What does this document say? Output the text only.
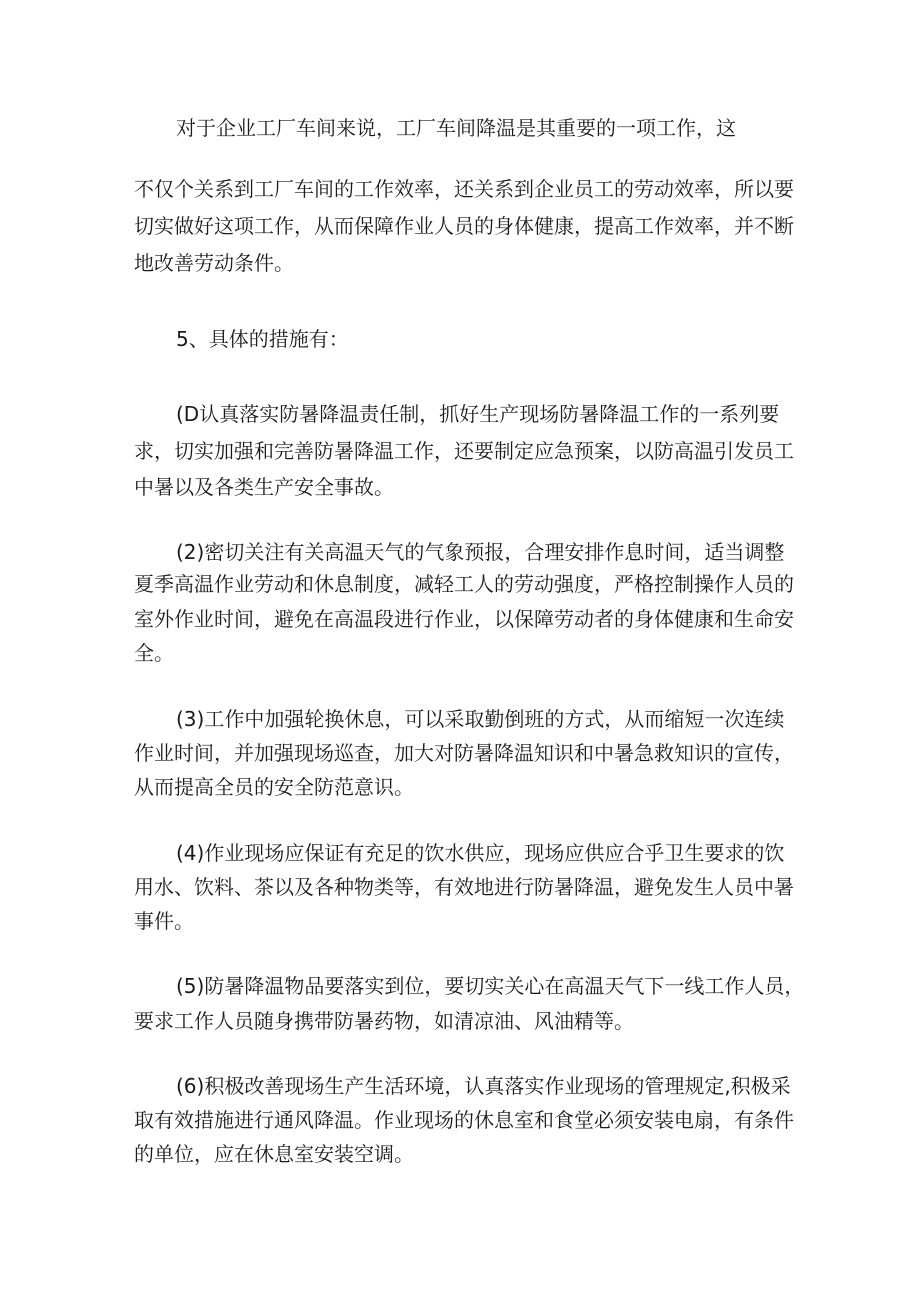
对于企业工厂车间来说，工厂车间降温是其重要的一项工作，这
不仅个关系到工厂车间的工作效率，还关系到企业员工的劳动效率，所以要
切实做好这项工作，从而保障作业人员的身体健康，提高工作效率，并不断
地改善劳动条件。
5、具体的措施有：
(D认真落实防暑降温责任制，抓好生产现场防暑降温工作的一系列要
求，切实加强和完善防暑降温工作，还要制定应急预案，以防高温引发员工
中暑以及各类生产安全事故。
(2)密切关注有关高温天气的气象预报，合理安排作息时间，适当调整
夏季高温作业劳动和休息制度，减轻工人的劳动强度，严格控制操作人员的
室外作业时间，避免在高温段进行作业，以保障劳动者的身体健康和生命安
全。
(3)工作中加强轮换休息，可以采取勤倒班的方式，从而缩短一次连续
作业时间，并加强现场巡查，加大对防暑降温知识和中暑急救知识的宣传，
从而提高全员的安全防范意识。
(4)作业现场应保证有充足的饮水供应，现场应供应合乎卫生要求的饮
用水、饮料、茶以及各种物类等，有效地进行防暑降温，避免发生人员中暑
事件。
(5)防暑降温物品要落实到位，要切实关心在高温天气下一线工作人员，
要求工作人员随身携带防暑药物，如清凉油、风油精等。
(6)积极改善现场生产生活环境，认真落实作业现场的管理规定,积极采
取有效措施进行通风降温。作业现场的休息室和食堂必须安装电扇，有条件
的单位，应在休息室安装空调。
